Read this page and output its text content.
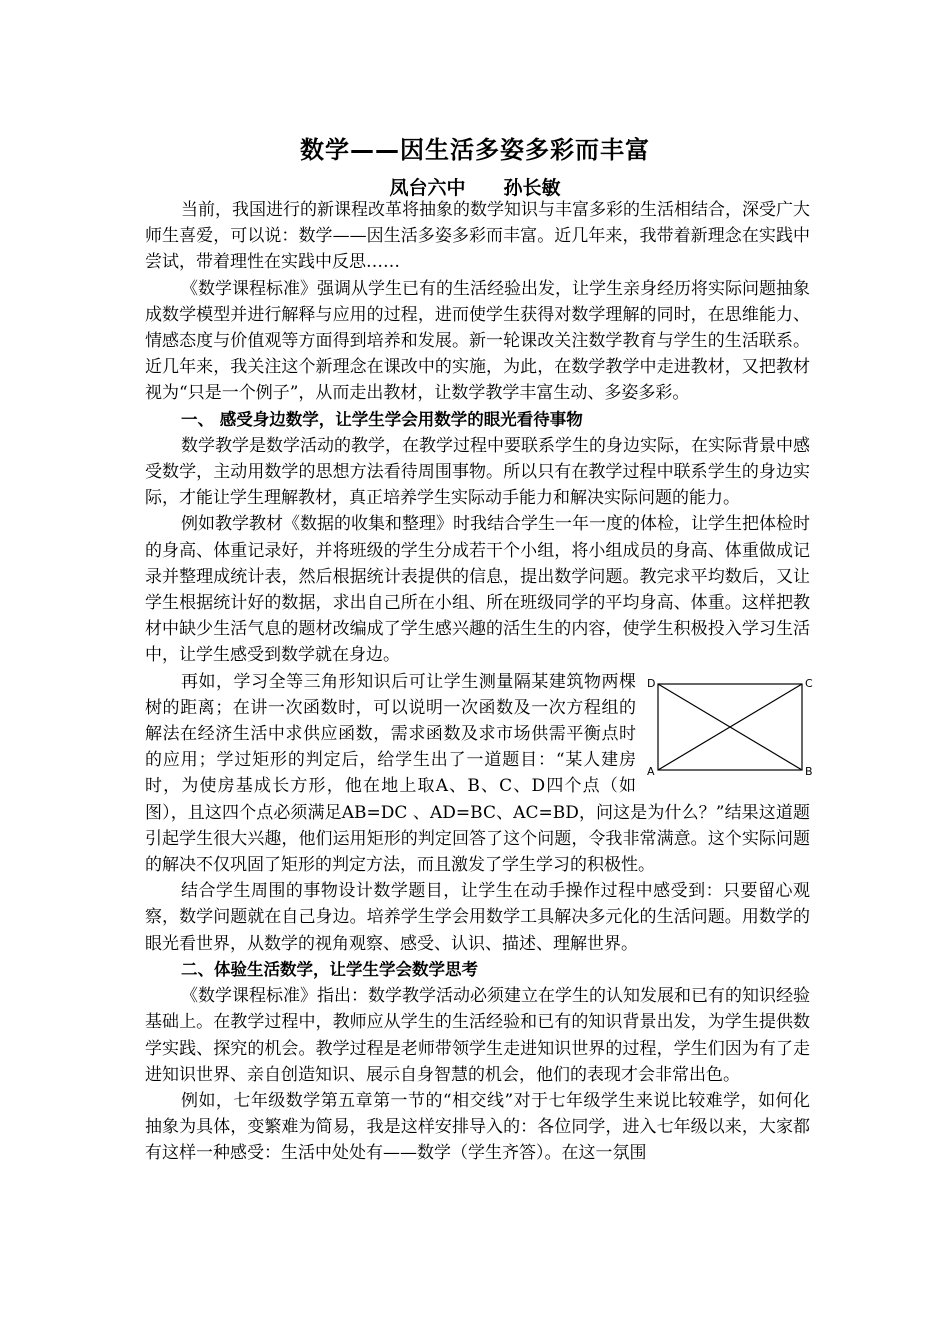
数学——因生活多姿多彩而丰富
凤台六中 孙长敏

当前，我国进行的新课程改革将抽象的数学知识与丰富多彩的生活相结合，深受广大师生喜爱，可以说：数学——因生活多姿多彩而丰富。近几年来，我带着新理念在实践中尝试，带着理性在实践中反思……

《数学课程标准》强调从学生已有的生活经验出发，让学生亲身经历将实际问题抽象成数学模型并进行解释与应用的过程，进而使学生获得对数学理解的同时，在思维能力、情感态度与价值观等方面得到培养和发展。新一轮课改关注数学教育与学生的生活联系。近几年来，我关注这个新理念在课改中的实施，为此，在数学教学中走进教材，又把教材视为“只是一个例子”，从而走出教材，让数学教学丰富生动、多姿多彩。

一、 感受身边数学，让学生学会用数学的眼光看待事物

数学教学是数学活动的教学，在教学过程中要联系学生的身边实际，在实际背景中感受数学，主动用数学的思想方法看待周围事物。所以只有在教学过程中联系学生的身边实际，才能让学生理解教材，真正培养学生实际动手能力和解决实际问题的能力。

例如教学教材《数据的收集和整理》时我结合学生一年一度的体检，让学生把体检时的身高、体重记录好，并将班级的学生分成若干个小组，将小组成员的身高、体重做成记录并整理成统计表，然后根据统计表提供的信息，提出数学问题。教完求平均数后，又让学生根据统计好的数据，求出自己所在小组、所在班级同学的平均身高、体重。这样把教材中缺少生活气息的题材改编成了学生感兴趣的活生生的内容，使学生积极投入学习生活中，让学生感受到数学就在身边。

D	C
A	B

再如，学习全等三角形知识后可让学生测量隔某建筑物两棵树的距离；在讲一次函数时，可以说明一次函数及一次方程组的解法在经济生活中求供应函数，需求函数及求市场供需平衡点时的应用；学过矩形的判定后，给学生出了一道题目：“某人建房时，为使房基成长方形，他在地上取A、B、C、D四个点（如图），且这四个点必须满足AB=DC 、AD=BC、AC=BD，问这是为什么？”结果这道题引起学生很大兴趣，他们运用矩形的判定回答了这个问题，令我非常满意。这个实际问题的解决不仅巩固了矩形的判定方法，而且激发了学生学习的积极性。

结合学生周围的事物设计数学题目，让学生在动手操作过程中感受到：只要留心观察，数学问题就在自己身边。培养学生学会用数学工具解决多元化的生活问题。用数学的眼光看世界，从数学的视角观察、感受、认识、描述、理解世界。

二、体验生活数学，让学生学会数学思考

《数学课程标准》指出：数学教学活动必须建立在学生的认知发展和已有的知识经验基础上。在教学过程中，教师应从学生的生活经验和已有的知识背景出发，为学生提供数学实践、探究的机会。教学过程是老师带领学生走进知识世界的过程，学生们因为有了走进知识世界、亲自创造知识、展示自身智慧的机会，他们的表现才会非常出色。

例如，七年级数学第五章第一节的“相交线”对于七年级学生来说比较难学，如何化抽象为具体，变繁难为简易，我是这样安排导入的：各位同学，进入七年级以来，大家都有这样一种感受：生活中处处有——数学（学生齐答）。在这一氛围
